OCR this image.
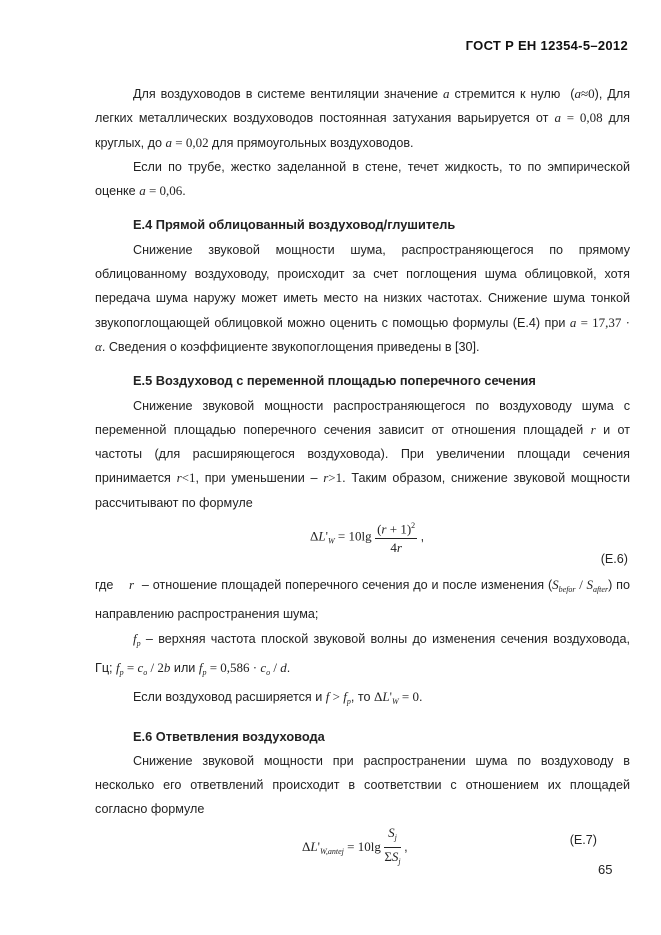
ГОСТ Р ЕН 12354-5–2012

Для воздуховодов в системе вентиляции значение a стремится к нулю  (a≈0), Для легких металлических воздуховодов постоянная затухания варьируется от a = 0,08 для круглых, до a = 0,02 для прямоугольных воздуховодов.

Если по трубе, жестко заделанной в стене, течет жидкость, то по эмпирической оценке a = 0,06.

Е.4 Прямой облицованный воздуховод/глушитель

Снижение звуковой мощности шума, распространяющегося по прямому облицованному воздуховоду, происходит за счет поглощения шума облицовкой, хотя передача шума наружу может иметь место на низких частотах. Снижение шума тонкой звукопоглощающей облицовкой можно оценить с помощью формулы (Е.4) при a = 17,37 · α. Сведения о коэффициенте звукопоглощения приведены в [30].

Е.5 Воздуховод с переменной площадью поперечного сечения

Снижение звуковой мощности распространяющегося по воздуховоду шума с переменной площадью поперечного сечения зависит от отношения площадей r и от частоты (для расширяющегося воздуховода). При увеличении площади сечения принимается r<1, при уменьшении – r>1. Таким образом, снижение звуковой мощности рассчитывают по формуле

$\Delta L'_W = 10\lg \frac{(r + 1)^2}{4r}$ ,
(Е.6)

где r – отношение площадей поперечного сечения до и после изменения $(S_{befor} / S_{after})$ по направлению распространения шума;

$f_p$ – верхняя частота плоской звуковой волны до изменения сечения воздуховода, Гц; $f_p = c_o / 2b$ или $f_p = 0,586 \cdot c_o / d$.

Если воздуховод расширяется и $f > f_p$, то $\Delta L'_W = 0$.

Е.6 Ответвления воздуховода

Снижение звуковой мощности при распространении шума по воздуховоду в несколько его ответвлений происходит в соответствии с отношением их площадей согласно формуле

$\Delta L'_{W,antej} = 10\lg \frac{S_j}{\Sigma S_j}$ ,	(Е.7)
65
